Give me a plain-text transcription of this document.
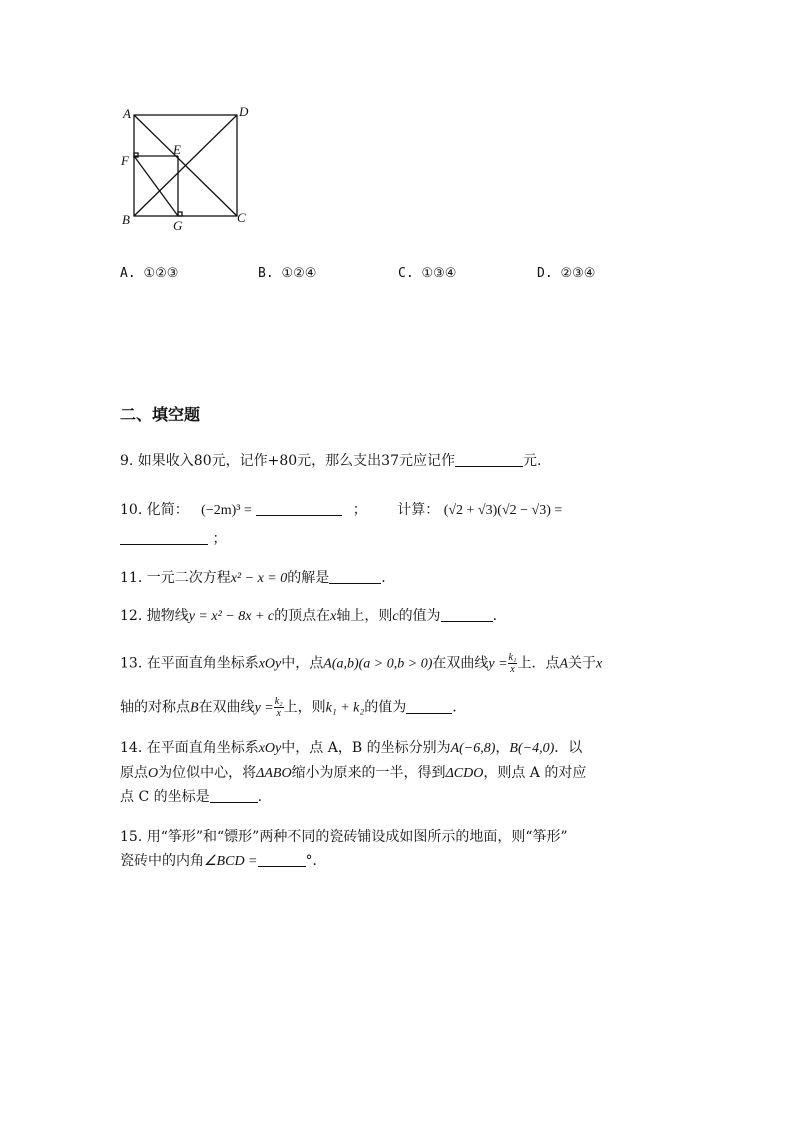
A	D
E
F
B	G
C
A. ①②③	B. ①②④	C. ①③④	D. ②③④
二、填空题
9. 如果收入80元，记作+80元，那么支出37元应记作	元.
10. 化简： (−2m)³ =	； 计算： (√2 + √3)(√2 − √3) =
；
11. 一元二次方程x² − x = 0的解是	.
12. 抛物线y = x² − 8x + c的顶点在x轴上，则c的值为	.
13. 在平面直角坐标系xOy中，点A(a,b)(a > 0,b > 0)在双曲线$y = \frac{\text{k₁}}{x}$ 上．点A关于x
轴的对称点B在双曲线$y = \frac{\text{k₂}}{x}$ 上，则k₁ + k₂的值为	.
14. 在平面直角坐标系xOy中，点 A，B 的坐标分别为A(−6,8)，B(−4,0)．以
原点O为位似中心，将ΔABO缩小为原来的一半，得到ΔCDO，则点 A 的对应
点 C 的坐标是	.
15. 用“筝形”和“镖形”两种不同的瓷砖铺设成如图所示的地面，则“筝形”
瓷砖中的内角∠BCD =	°．
